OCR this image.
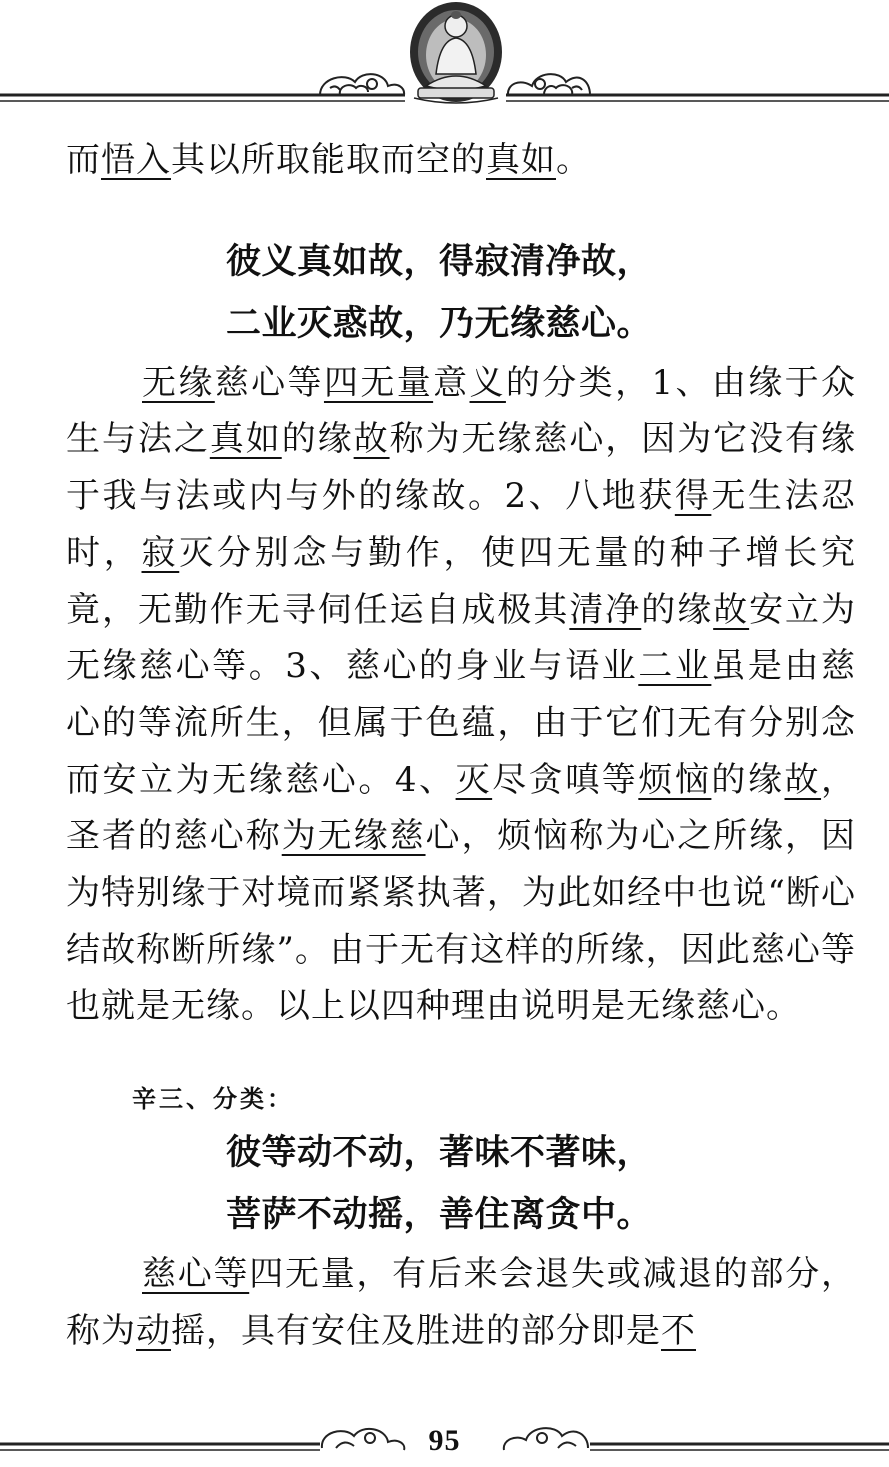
而悟入其以所取能取而空的真如。

彼义真如故，得寂清净故，

二业灭惑故，乃无缘慈心。

无缘慈心等四无量意义的分类，1、由缘于众生与法之真如的缘故称为无缘慈心，因为它没有缘于我与法或内与外的缘故。2、八地获得无生法忍时，寂灭分别念与勤作，使四无量的种子增长究竟，无勤作无寻伺任运自成极其清净的缘故安立为无缘慈心等。3、慈心的身业与语业二业虽是由慈心的等流所生，但属于色蕴，由于它们无有分别念而安立为无缘慈心。4、灭尽贪嗔等烦恼的缘故，圣者的慈心称为无缘慈心，烦恼称为心之所缘，因为特别缘于对境而紧紧执著，为此如经中也说“断心结故称断所缘”。由于无有这样的所缘，因此慈心等也就是无缘。以上以四种理由说明是无缘慈心。

辛三、分类：

彼等动不动，著味不著味，

菩萨不动摇，善住离贪中。

慈心等四无量，有后来会退失或减退的部分，称为动摇，具有安住及胜进的部分即是不

95
